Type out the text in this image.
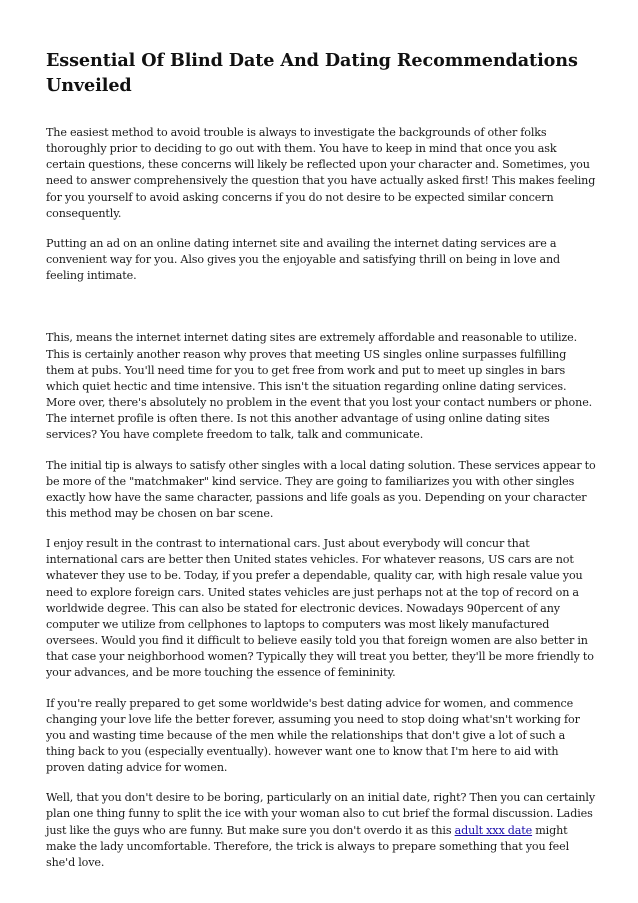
Essential Of Blind Date And Dating Recommendations Unveiled

The easiest method to avoid trouble is always to investigate the backgrounds of other folks thoroughly prior to deciding to go out with them. You have to keep in mind that once you ask certain questions, these concerns will likely be reflected upon your character and. Sometimes, you need to answer comprehensively the question that you have actually asked first! This makes feeling for you yourself to avoid asking concerns if you do not desire to be expected similar concern consequently.

Putting an ad on an online dating internet site and availing the internet dating services are a convenient way for you. Also gives you the enjoyable and satisfying thrill on being in love and feeling intimate.

This, means the internet internet dating sites are extremely affordable and reasonable to utilize. This is certainly another reason why proves that meeting US singles online surpasses fulfilling them at pubs. You'll need time for you to get free from work and put to meet up singles in bars which quiet hectic and time intensive. This isn't the situation regarding online dating services. More over, there's absolutely no problem in the event that you lost your contact numbers or phone. The internet profile is often there. Is not this another advantage of using online dating sites services? You have complete freedom to talk, talk and communicate.

The initial tip is always to satisfy other singles with a local dating solution. These services appear to be more of the "matchmaker" kind service. They are going to familiarizes you with other singles exactly how have the same character, passions and life goals as you. Depending on your character this method may be chosen on bar scene.

I enjoy result in the contrast to international cars. Just about everybody will concur that international cars are better then United states vehicles. For whatever reasons, US cars are not whatever they use to be. Today, if you prefer a dependable, quality car, with high resale value you need to explore foreign cars. United states vehicles are just perhaps not at the top of record on a worldwide degree. This can also be stated for electronic devices. Nowadays 90percent of any computer we utilize from cellphones to laptops to computers was most likely manufactured oversees. Would you find it difficult to believe easily told you that foreign women are also better in that case your neighborhood women? Typically they will treat you better, they'll be more friendly to your advances, and be more touching the essence of femininity.

If you're really prepared to get some worldwide's best dating advice for women, and commence changing your love life the better forever, assuming you need to stop doing what'sn't working for you and wasting time because of the men while the relationships that don't give a lot of such a thing back to you (especially eventually). however want one to know that I'm here to aid with proven dating advice for women.

Well, that you don't desire to be boring, particularly on an initial date, right? Then you can certainly plan one thing funny to split the ice with your woman also to cut brief the formal discussion. Ladies just like the guys who are funny. But make sure you don't overdo it as this adult xxx date might make the lady uncomfortable. Therefore, the trick is always to prepare something that you feel she'd love.
